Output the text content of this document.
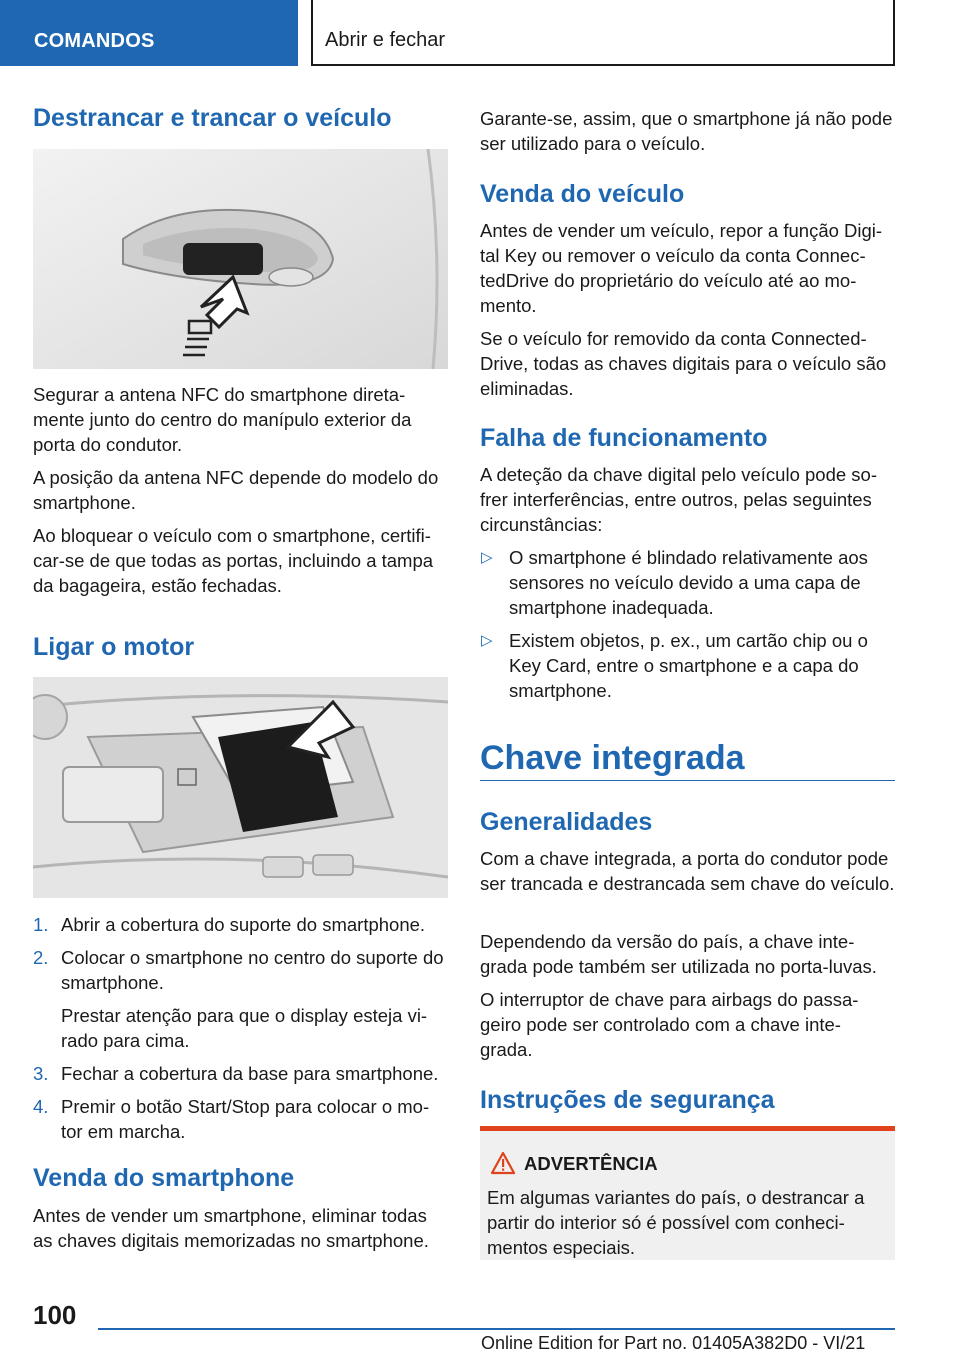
COMANDOS	Abrir e fechar
Destrancar e trancar o veículo
Segurar a antena NFC do smartphone direta‐ mente junto do centro do manípulo exterior da porta do condutor.
A posição da antena NFC depende do modelo do smartphone.
Ao bloquear o veículo com o smartphone, certifi‐ car-se de que todas as portas, incluindo a tampa da bagageira, estão fechadas.
Ligar o motor
1. Abrir a cobertura do suporte do smartphone.
2. Colocar o smartphone no centro do suporte do smartphone.
Prestar atenção para que o display esteja vi‐ rado para cima.
3. Fechar a cobertura da base para smartphone.
4. Premir o botão Start/Stop para colocar o mo‐ tor em marcha.
Venda do smartphone
Antes de vender um smartphone, eliminar todas as chaves digitais memorizadas no smartphone.
Garante-se, assim, que o smartphone já não pode ser utilizado para o veículo.
Venda do veículo
Antes de vender um veículo, repor a função Digi‐ tal Key ou remover o veículo da conta Connec‐ tedDrive do proprietário do veículo até ao mo‐ mento.
Se o veículo for removido da conta Connected‐ Drive, todas as chaves digitais para o veículo são eliminadas.
Falha de funcionamento
A deteção da chave digital pelo veículo pode so‐ frer interferências, entre outros, pelas seguintes circunstâncias:
▷ O smartphone é blindado relativamente aos sensores no veículo devido a uma capa de smartphone inadequada.
▷ Existem objetos, p. ex., um cartão chip ou o Key Card, entre o smartphone e a capa do smartphone.
Chave integrada
Generalidades
Com a chave integrada, a porta do condutor pode ser trancada e destrancada sem chave do veículo.
Dependendo da versão do país, a chave inte‐ grada pode também ser utilizada no porta-luvas.
O interruptor de chave para airbags do passa‐ geiro pode ser controlado com a chave inte‐ grada.
Instruções de segurança
ADVERTÊNCIA
Em algumas variantes do país, o destrancar a partir do interior só é possível com conheci‐ mentos especiais.
100
Online Edition for Part no. 01405A382D0 - VI/21
